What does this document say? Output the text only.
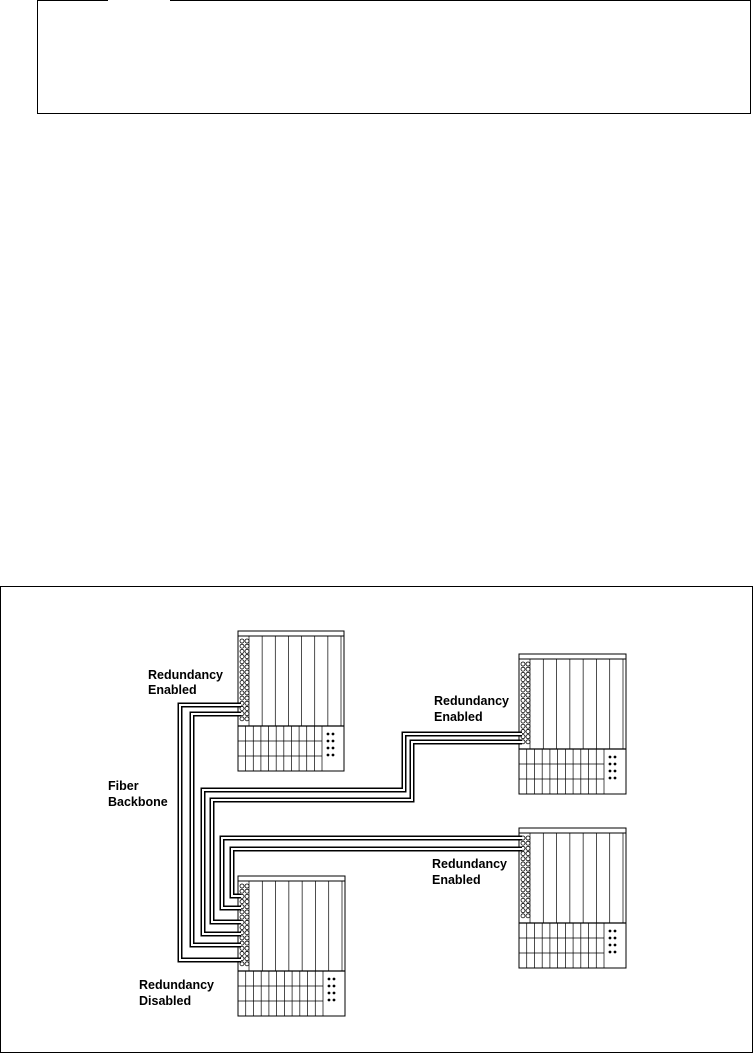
Redundancy
Enabled
Redundancy
Enabled
Fiber
Backbone
Redundancy
Enabled
Redundancy
Disabled
